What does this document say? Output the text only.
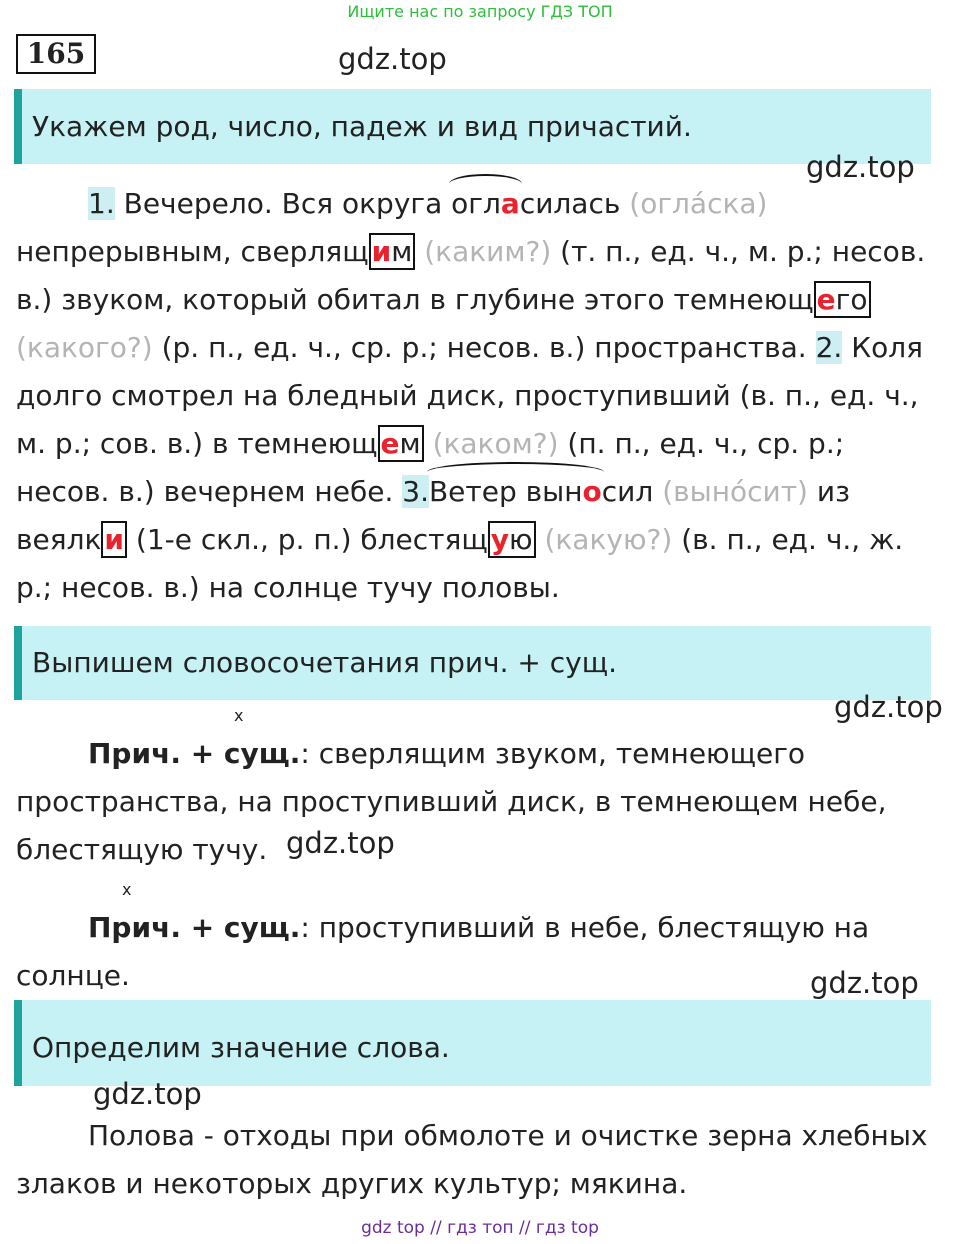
Ищите нас по запросу ГДЗ ТОП
165	gdz.top
Укажем род, число, падеж и вид причастий.
gdz.top
1. Вечерело. Вся округа огласилась (огла́ска) непрерывным, сверлящ им (каким?) (т. п., ед. ч., м. р.; несов. в.) звуком, который обитал в глубине этого темнеющ его (какого?) (р. п., ед. ч., ср. р.; несов. в.) пространства. 2. Коля долго смотрел на бледный диск, проступивший (в. п., ед. ч., м. р.; сов. в.) в темнеющ ем (каком?) (п. п., ед. ч., ср. р.; несов. в.) вечернем небе. 3.Ветер выносил (выно́сит) из веялк и (1-е скл., р. п.) блестящ ую (какую?) (в. п., ед. ч., ж. р.; несов. в.) на солнце тучу половы.
Выпишем словосочетания прич. + сущ.
x	gdz.top
Прич. + сущ.: сверлящим звуком, темнеющего пространства, на проступивший диск, в темнеющем небе, блестящую тучу. gdz.top
x
Прич. + сущ.: проступивший в небе, блестящую на солнце.	gdz.top
Определим значение слова.
gdz.top
Полова - отходы при обмолоте и очистке зерна хлебных злаков и некоторых других культур; мякина.
gdz top // гдз топ // гдз top
